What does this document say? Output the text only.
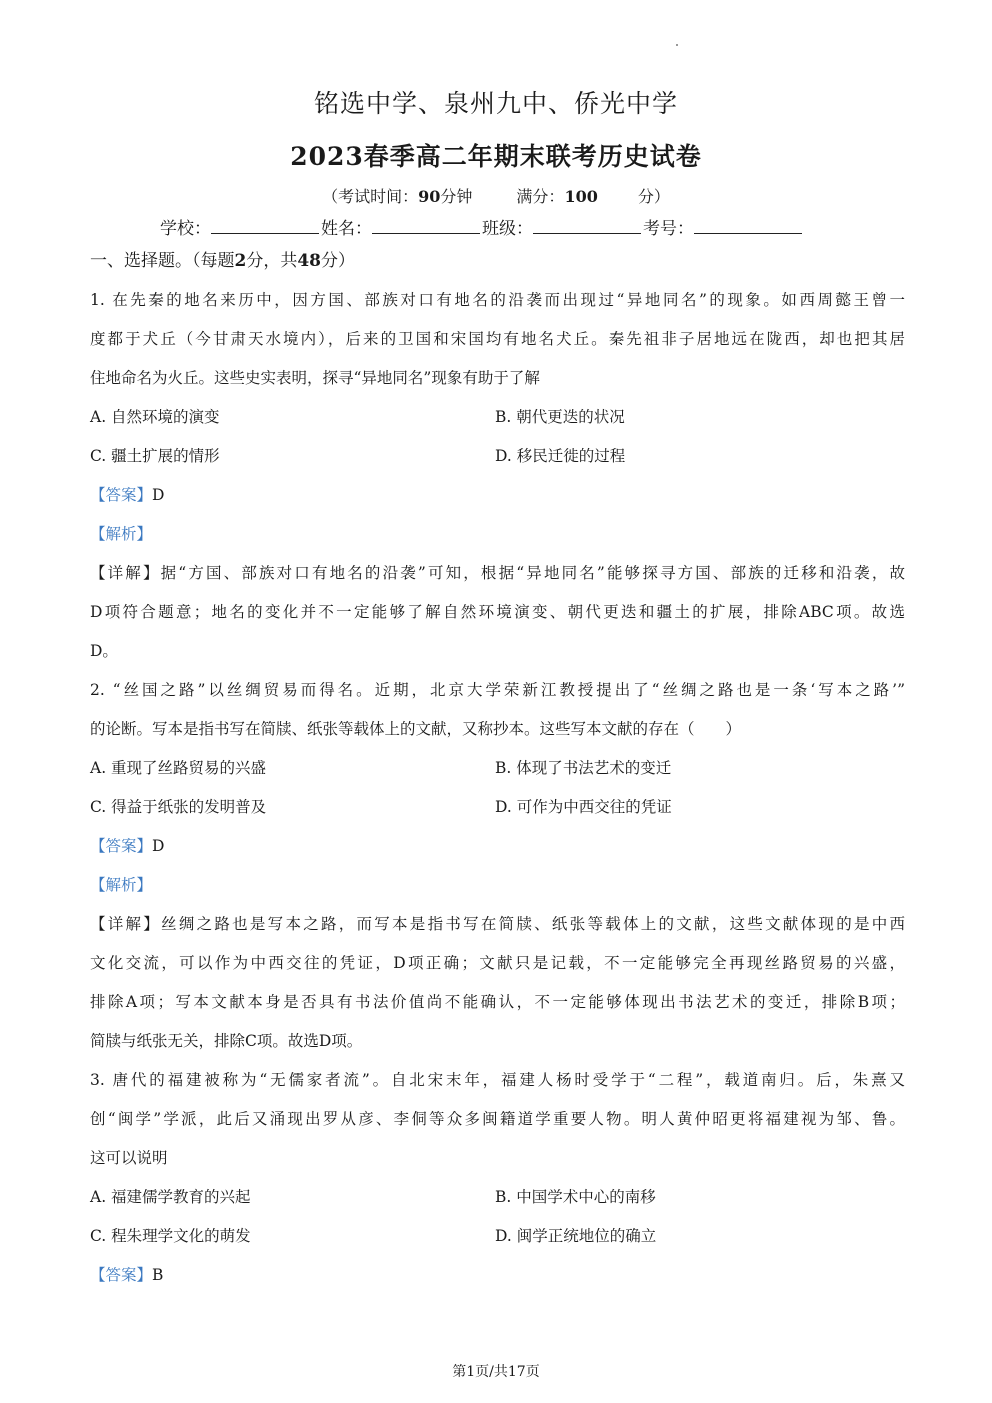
铭选中学、泉州九中、侨光中学
2023春季高二年期末联考历史试卷
（考试时间：90分钟	满分：100	分）
学校：	姓名：	班级：	考号：
一、选择题。（每题2分，共48分）
1. 在先秦的地名来历中，因方国、部族对口有地名的沿袭而出现过“异地同名”的现象。如西周懿王曾一
度都于犬丘（今甘肃天水境内），后来的卫国和宋国均有地名犬丘。秦先祖非子居地远在陇西，却也把其居
住地命名为火丘。这些史实表明，探寻“异地同名”现象有助于了解
A. 自然环境的演变	B. 朝代更迭的状况
C. 疆土扩展的情形	D. 移民迁徙的过程
【答案】D
【解析】
【详解】据“方国、部族对口有地名的沿袭”可知，根据“异地同名”能够探寻方国、部族的迁移和沿袭，故
D项符合题意；地名的变化并不一定能够了解自然环境演变、朝代更迭和疆土的扩展，排除ABC项。故选
D。
2. “丝国之路”以丝绸贸易而得名。近期，北京大学荣新江教授提出了“丝绸之路也是一条‘写本之路’”
的论断。写本是指书写在简牍、纸张等载体上的文献，又称抄本。这些写本文献的存在（　　）
A. 重现了丝路贸易的兴盛	B. 体现了书法艺术的变迁
C. 得益于纸张的发明普及	D. 可作为中西交往的凭证
【答案】D
【解析】
【详解】丝绸之路也是写本之路，而写本是指书写在简牍、纸张等载体上的文献，这些文献体现的是中西
文化交流，可以作为中西交往的凭证，D项正确；文献只是记载，不一定能够完全再现丝路贸易的兴盛，
排除A项；写本文献本身是否具有书法价值尚不能确认，不一定能够体现出书法艺术的变迁，排除B项；
简牍与纸张无关，排除C项。故选D项。
3. 唐代的福建被称为“无儒家者流”。自北宋末年，福建人杨时受学于“二程”，载道南归。后，朱熹又
创“闽学”学派，此后又涌现出罗从彦、李侗等众多闽籍道学重要人物。明人黄仲昭更将福建视为邹、鲁。
这可以说明
A. 福建儒学教育的兴起	B. 中国学术中心的南移
C. 程朱理学文化的萌发	D. 闽学正统地位的确立
【答案】B
第1页/共17页
